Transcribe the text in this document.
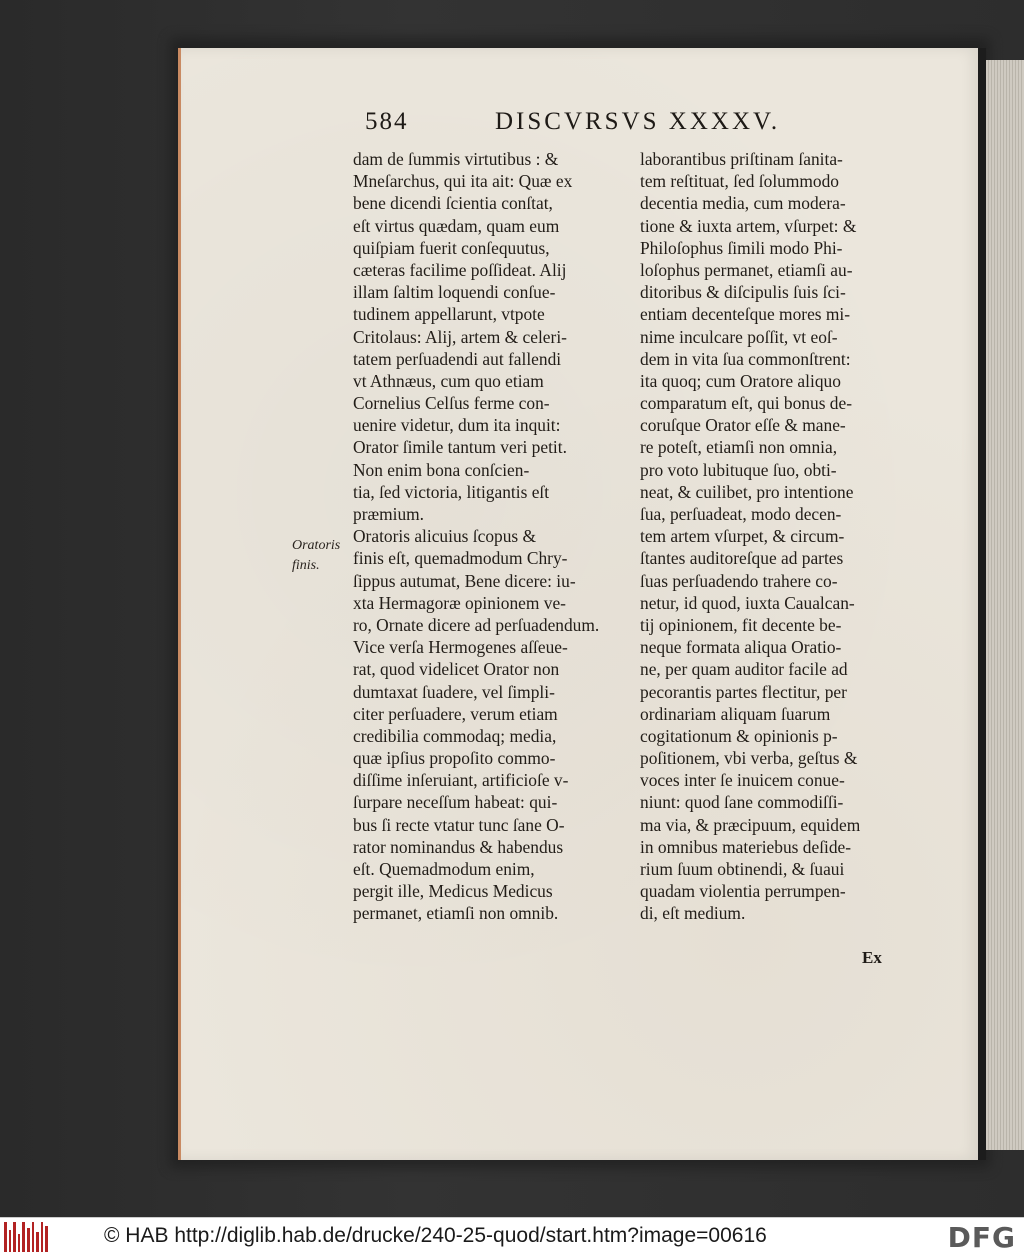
584	DISCVRSVS XXXXV.
dam de ſummis virtutibus : &
Mneſarchus, qui ita ait: Quæ ex
bene dicendi ſcientia conſtat,
eſt virtus quædam, quam eum
quiſpiam fuerit conſequutus,
cæteras facilime poſſideat. Alij
illam ſaltim loquendi conſue-
tudinem appellarunt, vtpote
Critolaus: Alij, artem & celeri-
tatem perſuadendi aut fallendi
vt Athnæus, cum quo etiam
Cornelius Celſus ferme con-
uenire videtur, dum ita inquit:
Orator ſimile tantum veri petit.
Non enim bona conſcien-
tia, ſed victoria, litigantis eſt
præmium.
Oratoris alicuius ſcopus &
finis eſt, quemadmodum Chry-
ſippus autumat, Bene dicere: iu-
xta Hermagoræ opinionem ve-
ro, Ornate dicere ad perſuadendum.
Vice verſa Hermogenes aſſeue-
rat, quod videlicet Orator non
dumtaxat ſuadere, vel ſimpli-
citer perſuadere, verum etiam
credibilia commodaq; media,
quæ ipſius propoſito commo-
diſſime inſeruiant, artificioſe v-
ſurpare neceſſum habeat: qui-
bus ſi recte vtatur tunc ſane O-
rator nominandus & habendus
eſt. Quemadmodum enim,
pergit ille, Medicus Medicus
permanet, etiamſi non omnib.
laborantibus priſtinam ſanita-
tem reſtituat, ſed ſolummodo
decentia media, cum modera-
tione & iuxta artem, vſurpet: &
Philoſophus ſimili modo Phi-
loſophus permanet, etiamſi au-
ditoribus & diſcipulis ſuis ſci-
entiam decenteſque mores mi-
nime inculcare poſſit, vt eoſ-
dem in vita ſua commonſtrent:
ita quoq; cum Oratore aliquo
comparatum eſt, qui bonus de-
coruſque Orator eſſe & mane-
re poteſt, etiamſi non omnia,
pro voto lubituque ſuo, obti-
neat, & cuilibet, pro intentione
ſua, perſuadeat, modo decen-
tem artem vſurpet, & circum-
ſtantes auditoreſque ad partes
ſuas perſuadendo trahere co-
netur, id quod, iuxta Caualcan-
tij opinionem, fit decente be-
neque formata aliqua Oratio-
ne, per quam auditor facile ad
pecorantis partes flectitur, per
ordinariam aliquam ſuarum
cogitationum & opinionis p-
poſitionem, vbi verba, geſtus &
voces inter ſe inuicem conue-
niunt: quod ſane commodiſſi-
ma via, & præcipuum, equidem
in omnibus materiebus deſide-
rium ſuum obtinendi, & ſuaui
quadam violentia perrumpen-
di, eſt medium.
Oratoris
finis.
Ex
© HAB http://diglib.hab.de/drucke/240-25-quod/start.htm?image=00616	DFG
